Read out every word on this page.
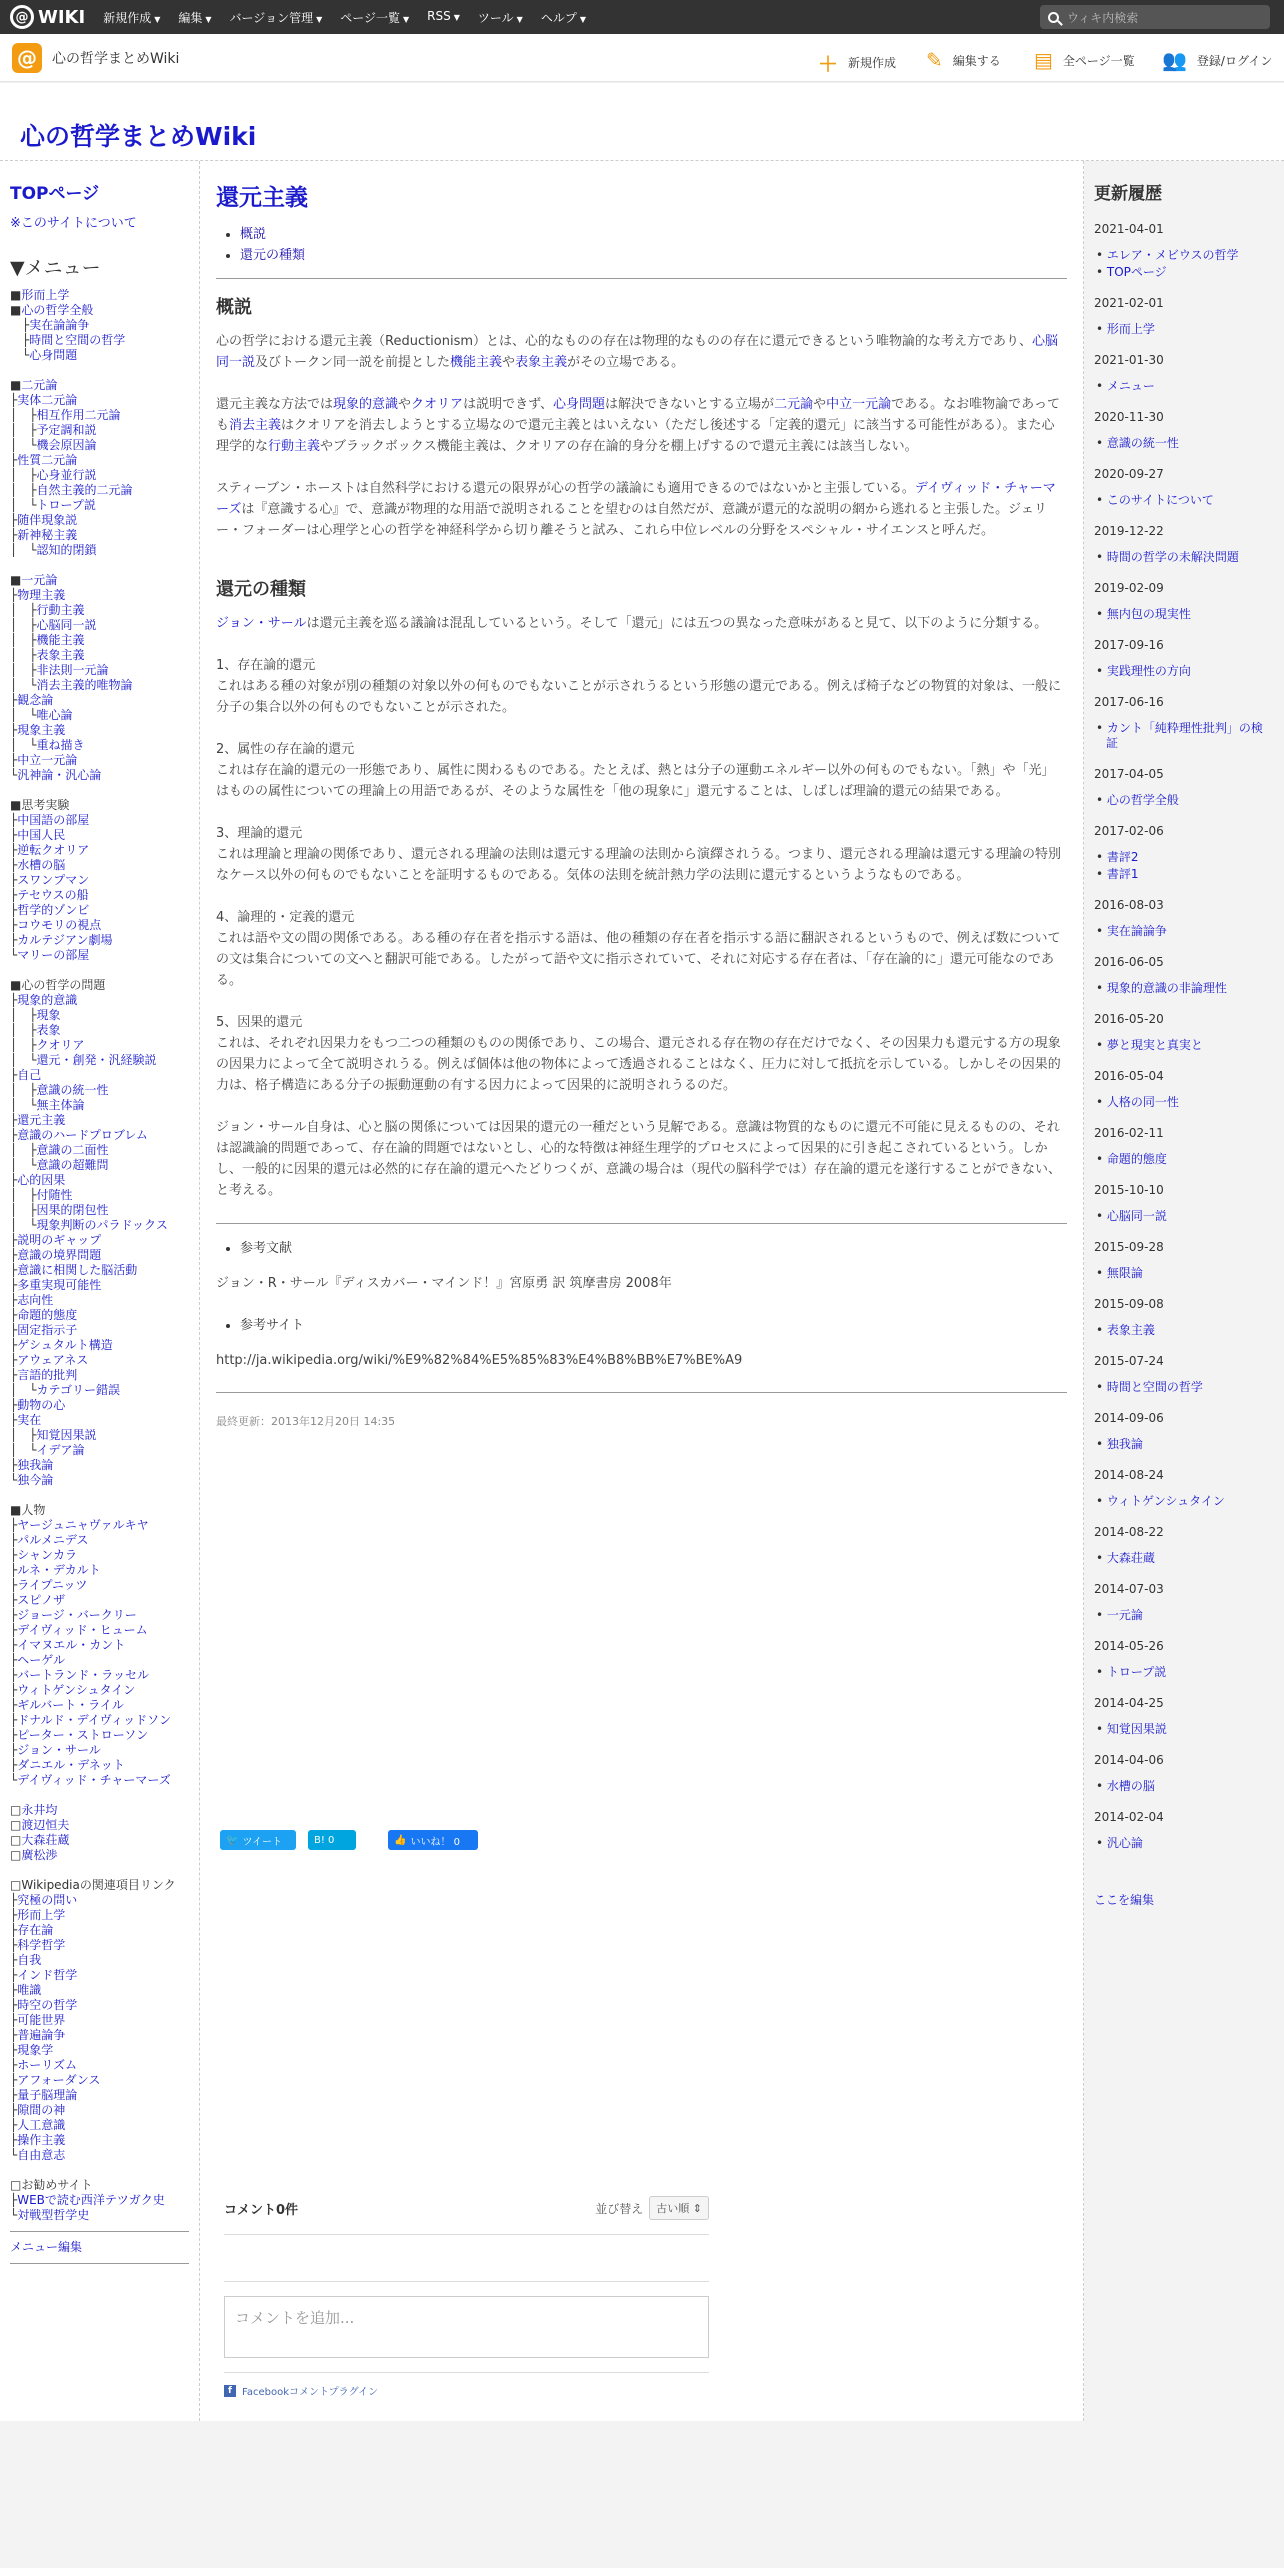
@ WIKI 新規作成 ▼ 編集 ▼ バージョン管理 ▼ ページ一覧 ▼ RSS ▼ ツール ▼ ヘルプ ▼	ウィキ内検索
@	心の哲学まとめWiki	＋ 新規作成 ✎ 編集する ▤ 全ページ一覧 👥 登録/ログイン
心の哲学まとめWiki
TOPページ
※このサイトについて
▼メニュー
■形而上学
■心の哲学全般
　├実在論論争
　├時間と空間の哲学
　└心身問題
■二元論
├実体二元論
│　├相互作用二元論
│　├予定調和説
│　└機会原因論
├性質二元論
│　├心身並行説
│　├自然主義的二元論
│　└トロープ説
├随伴現象説
├新神秘主義
│　└認知的閉鎖
■一元論
├物理主義
│　├行動主義
│　├心脳同一説
│　├機能主義
│　├表象主義
│　├非法則一元論
│　└消去主義的唯物論
├観念論
│　└唯心論
├現象主義
│　└重ね描き
├中立一元論
└汎神論・汎心論
■思考実験
├中国語の部屋
├中国人民
├逆転クオリア
├水槽の脳
├スワンプマン
├テセウスの船
├哲学的ゾンビ
├コウモリの視点
├カルテジアン劇場
└マリーの部屋
■心の哲学の問題
├現象的意識
│　├現象
│　├表象
│　├クオリア
│　└還元・創発・汎経験説
├自己
│　├意識の統一性
│　└無主体論
├還元主義
├意識のハードプロブレム
│　├意識の二面性
│　└意識の超難問
├心的因果
│　├付随性
│　├因果的閉包性
│　└現象判断のパラドックス
├説明のギャップ
├意識の境界問題
├意識に相関した脳活動
├多重実現可能性
├志向性
├命題的態度
├固定指示子
├ゲシュタルト構造
├アウェアネス
├言語的批判
│　└カテゴリー錯誤
├動物の心
├実在
│　├知覚因果説
│　└イデア論
├独我論
└独今論
■人物
├ヤージュニャヴァルキヤ
├パルメニデス
├シャンカラ
├ルネ・デカルト
├ライプニッツ
├スピノザ
├ジョージ・バークリー
├デイヴィッド・ヒューム
├イマヌエル・カント
├ヘーゲル
├バートランド・ラッセル
├ウィトゲンシュタイン
├ギルバート・ライル
├ドナルド・デイヴィッドソン
├ピーター・ストローソン
├ジョン・サール
├ダニエル・デネット
└デイヴィッド・チャーマーズ
□永井均
□渡辺恒夫
□大森荘蔵
□廣松渉
□Wikipediaの関連項目リンク
├究極の問い
├形而上学
├存在論
├科学哲学
├自我
├インド哲学
├唯識
├時空の哲学
├可能世界
├普遍論争
├現象学
├ホーリズム
├アフォーダンス
├量子脳理論
├隙間の神
├人工意識
├操作主義
└自由意志
□お勧めサイト
├WEBで読む西洋テツガク史
└対戦型哲学史
メニュー編集
還元主義
• 概説
• 還元の種類
概説

心の哲学における還元主義（Reductionism）とは、心的なものの存在は物理的なものの存在に還元できるという唯物論的な考え方であり、心脳同一説及びトークン同一説を前提とした機能主義や表象主義がその立場である。

還元主義な方法では現象的意識やクオリアは説明できず、心身問題は解決できないとする立場が二元論や中立一元論である。なお唯物論であっても消去主義はクオリアを消去しようとする立場なので還元主義とはいえない（ただし後述する「定義的還元」に該当する可能性がある）。また心理学的な行動主義やブラックボックス機能主義は、クオリアの存在論的身分を棚上げするので還元主義には該当しない。

スティーブン・ホーストは自然科学における還元の限界が心の哲学の議論にも適用できるのではないかと主張している。デイヴィッド・チャーマーズは『意識する心』で、意識が物理的な用語で説明されることを望むのは自然だが、意識が還元的な説明の網から逃れると主張した。ジェリー・フォーダーは心理学と心の哲学を神経科学から切り離そうと試み、これら中位レベルの分野をスペシャル・サイエンスと呼んだ。

還元の種類

ジョン・サールは還元主義を巡る議論は混乱しているという。そして「還元」には五つの異なった意味があると見て、以下のように分類する。

1、存在論的還元
これはある種の対象が別の種類の対象以外の何ものでもないことが示されうるという形態の還元である。例えば椅子などの物質的対象は、一般に分子の集合以外の何ものでもないことが示された。

2、属性の存在論的還元
これは存在論的還元の一形態であり、属性に関わるものである。たとえば、熱とは分子の運動エネルギー以外の何ものでもない。「熱」や「光」はものの属性についての理論上の用語であるが、そのような属性を「他の現象に」還元することは、しばしば理論的還元の結果である。

3、理論的還元
これは理論と理論の関係であり、還元される理論の法則は還元する理論の法則から演繹されうる。つまり、還元される理論は還元する理論の特別なケース以外の何ものでもないことを証明するものである。気体の法則を統計熱力学の法則に還元するというようなものである。

4、論理的・定義的還元
これは語や文の間の関係である。ある種の存在者を指示する語は、他の種類の存在者を指示する語に翻訳されるというもので、例えば数についての文は集合についての文へと翻訳可能である。したがって語や文に指示されていて、それに対応する存在者は、「存在論的に」還元可能なのである。

5、因果的還元
これは、それぞれ因果力をもつ二つの種類のものの関係であり、この場合、還元される存在物の存在だけでなく、その因果力も還元する方の現象の因果力によって全て説明されうる。例えば個体は他の物体によって透過されることはなく、圧力に対して抵抗を示している。しかしその因果的力は、格子構造にある分子の振動運動の有する因力によって因果的に説明されうるのだ。

ジョン・サール自身は、心と脳の関係については因果的還元の一種だという見解である。意識は物質的なものに還元不可能に見えるものの、それは認識論的問題であって、存在論的問題ではないとし、心的な特徴は神経生理学的プロセスによって因果的に引き起こされているという。しかし、一般的に因果的還元は必然的に存在論的還元へたどりつくが、意識の場合は（現代の脳科学では）存在論的還元を遂行することができない、と考える。

• 参考文献

ジョン・R・サール『ディスカバー・マインド！』宮原勇 訳 筑摩書房 2008年

• 参考サイト
http://ja.wikipedia.org/wiki/%E9%82%84%E5%85%83%E4%B8%BB%E7%BE%A9
最終更新：2013年12月20日 14:35
🐦 ツイート	B! 0	👍 いいね！ 0
コメント0件	並び替え	古い順 ⇕
コメントを追加...
f	Facebookコメントプラグイン
更新履歴
2021-04-01
• エレア・メビウスの哲学
• TOPページ
2021-02-01
• 形而上学
2021-01-30
• メニュー
2020-11-30
• 意識の統一性
2020-09-27
• このサイトについて
2019-12-22
• 時間の哲学の未解決問題
2019-02-09
• 無内包の現実性
2017-09-16
• 実践理性の方向
2017-06-16
• カント「純粋理性批判」の検証
2017-04-05
• 心の哲学全般
2017-02-06
• 書評2
• 書評1
2016-08-03
• 実在論論争
2016-06-05
• 現象的意識の非論理性
2016-05-20
• 夢と現実と真実と
2016-05-04
• 人格の同一性
2016-02-11
• 命題的態度
2015-10-10
• 心脳同一説
2015-09-28
• 無限論
2015-09-08
• 表象主義
2015-07-24
• 時間と空間の哲学
2014-09-06
• 独我論
2014-08-24
• ウィトゲンシュタイン
2014-08-22
• 大森荘蔵
2014-07-03
• 一元論
2014-05-26
• トロープ説
2014-04-25
• 知覚因果説
2014-04-06
• 水槽の脳
2014-02-04
• 汎心論
ここを編集
